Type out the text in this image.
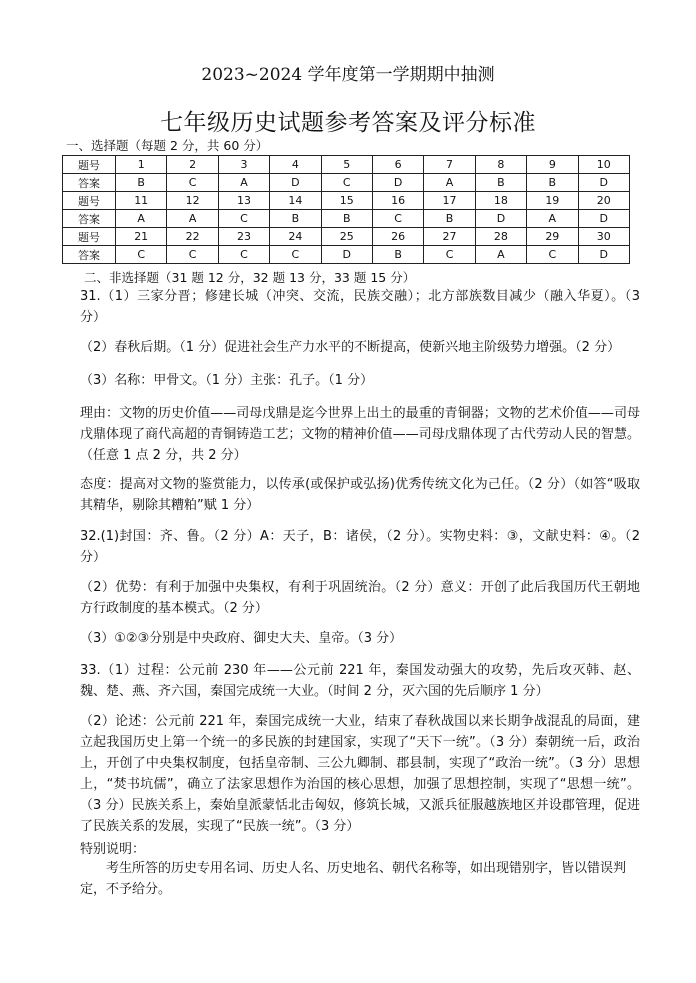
2023~2024 学年度第一学期期中抽测
七年级历史试题参考答案及评分标准
一、选择题（每题 2 分，共 60 分）
题号	1	2	3	4	5	6	7	8	9	10
答案	B	C	A	D	C	D	A	B	B	D
题号	11	12	13	14	15	16	17	18	19	20
答案	A	A	C	B	B	C	B	D	A	D
题号	21	22	23	24	25	26	27	28	29	30
答案	C	C	C	C	D	B	C	A	C	D
二、非选择题（31 题 12 分，32 题 13 分，33 题 15 分）
31.（1）三家分晋；修建长城（冲突、交流，民族交融）；北方部族数目减少（融入华夏）。（3 分）
（2）春秋后期。（1 分）促进社会生产力水平的不断提高，使新兴地主阶级势力增强。（2 分）
（3）名称：甲骨文。（1 分）主张：孔子。（1 分）
理由：文物的历史价值——司母戊鼎是迄今世界上出土的最重的青铜器；文物的艺术价值——司母戊鼎体现了商代高超的青铜铸造工艺；文物的精神价值——司母戊鼎体现了古代劳动人民的智慧。（任意 1 点 2 分，共 2 分）
态度：提高对文物的鉴赏能力，以传承(或保护或弘扬)优秀传统文化为己任。（2 分）（如答“吸取其精华，剔除其糟粕”赋 1 分）
32.(1)封国：齐、鲁。（2 分）A：天子，B：诸侯，（2 分）。实物史料：③，文献史料：④。（2 分）
（2）优势：有利于加强中央集权，有利于巩固统治。（2 分）意义：开创了此后我国历代王朝地方行政制度的基本模式。（2 分）
（3）①②③分别是中央政府、御史大夫、皇帝。（3 分）
33.（1）过程：公元前 230 年——公元前 221 年，秦国发动强大的攻势，先后攻灭韩、赵、魏、楚、燕、齐六国，秦国完成统一大业。（时间 2 分，灭六国的先后顺序 1 分）
（2）论述：公元前 221 年，秦国完成统一大业，结束了春秋战国以来长期争战混乱的局面，建立起我国历史上第一个统一的多民族的封建国家，实现了“天下一统”。（3 分）秦朝统一后，政治上，开创了中央集权制度，包括皇帝制、三公九卿制、郡县制，实现了“政治一统”。（3 分）思想上，“焚书坑儒”，确立了法家思想作为治国的核心思想，加强了思想控制，实现了“思想一统”。（3 分）民族关系上，秦始皇派蒙恬北击匈奴，修筑长城，又派兵征服越族地区并设郡管理，促进了民族关系的发展，实现了“民族一统”。（3 分）
特别说明：
考生所答的历史专用名词、历史人名、历史地名、朝代名称等，如出现错别字，皆以错误判定，不予给分。
